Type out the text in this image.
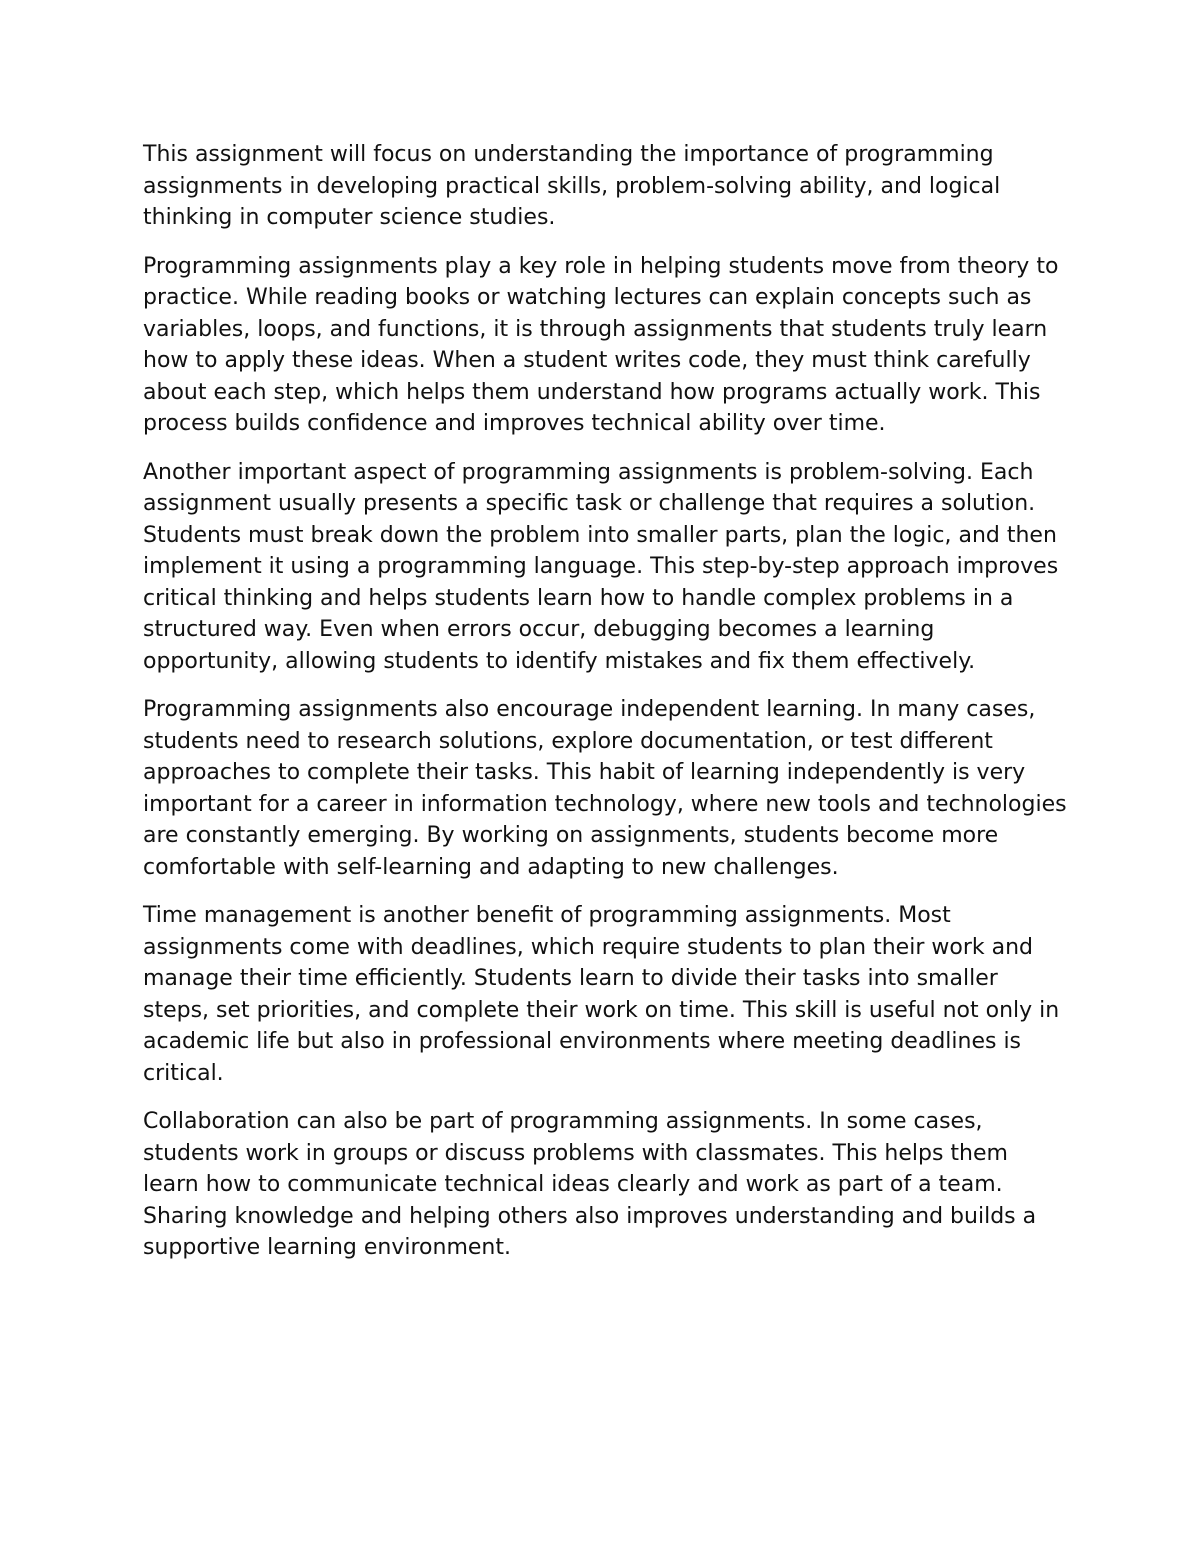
This assignment will focus on understanding the importance of programming assignments in developing practical skills, problem-solving ability, and logical thinking in computer science studies.

Programming assignments play a key role in helping students move from theory to practice. While reading books or watching lectures can explain concepts such as variables, loops, and functions, it is through assignments that students truly learn how to apply these ideas. When a student writes code, they must think carefully about each step, which helps them understand how programs actually work. This process builds confidence and improves technical ability over time.

Another important aspect of programming assignments is problem-solving. Each assignment usually presents a specific task or challenge that requires a solution. Students must break down the problem into smaller parts, plan the logic, and then implement it using a programming language. This step-by-step approach improves critical thinking and helps students learn how to handle complex problems in a structured way. Even when errors occur, debugging becomes a learning opportunity, allowing students to identify mistakes and fix them effectively.

Programming assignments also encourage independent learning. In many cases, students need to research solutions, explore documentation, or test different approaches to complete their tasks. This habit of learning independently is very important for a career in information technology, where new tools and technologies are constantly emerging. By working on assignments, students become more comfortable with self-learning and adapting to new challenges.

Time management is another benefit of programming assignments. Most assignments come with deadlines, which require students to plan their work and manage their time efficiently. Students learn to divide their tasks into smaller steps, set priorities, and complete their work on time. This skill is useful not only in academic life but also in professional environments where meeting deadlines is critical.

Collaboration can also be part of programming assignments. In some cases, students work in groups or discuss problems with classmates. This helps them learn how to communicate technical ideas clearly and work as part of a team. Sharing knowledge and helping others also improves understanding and builds a supportive learning environment.
